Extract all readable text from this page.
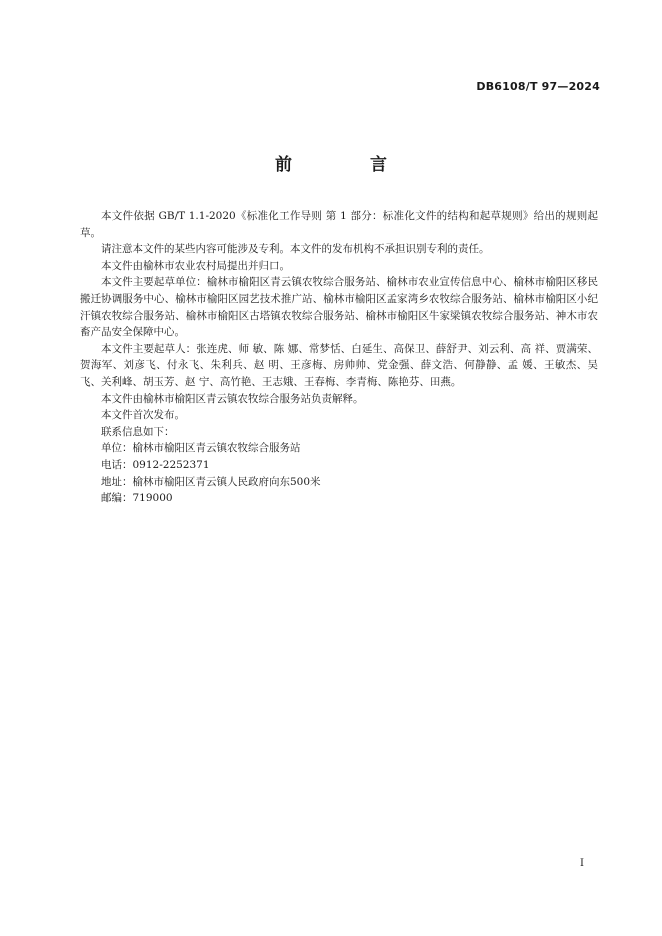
DB6108/T 97—2024
前 言

本文件依据 GB/T 1.1-2020《标准化工作导则 第 1 部分：标准化文件的结构和起草规则》给出的规则起草。

请注意本文件的某些内容可能涉及专利。本文件的发布机构不承担识别专利的责任。

本文件由榆林市农业农村局提出并归口。

本文件主要起草单位：榆林市榆阳区青云镇农牧综合服务站、榆林市农业宣传信息中心、榆林市榆阳区移民搬迁协调服务中心、榆林市榆阳区园艺技术推广站、榆林市榆阳区孟家湾乡农牧综合服务站、榆林市榆阳区小纪汗镇农牧综合服务站、榆林市榆阳区古塔镇农牧综合服务站、榆林市榆阳区牛家梁镇农牧综合服务站、神木市农畜产品安全保障中心。

本文件主要起草人：张连虎、师 敏、陈 娜、常梦恬、白延生、高保卫、薛舒尹、刘云利、高 祥、贾满荣、贺海军、刘彦飞、付永飞、朱利兵、赵 明、王彦梅、房帅帅、党金强、薛文浩、何静静、孟 媛、王敏杰、吴 飞、关利峰、胡玉芳、赵 宁、高竹艳、王志娥、王春梅、李青梅、陈艳芬、田燕。

本文件由榆林市榆阳区青云镇农牧综合服务站负责解释。

本文件首次发布。

联系信息如下：

单位：榆林市榆阳区青云镇农牧综合服务站

电话：0912-2252371

地址：榆林市榆阳区青云镇人民政府向东500米

邮编：719000

I
